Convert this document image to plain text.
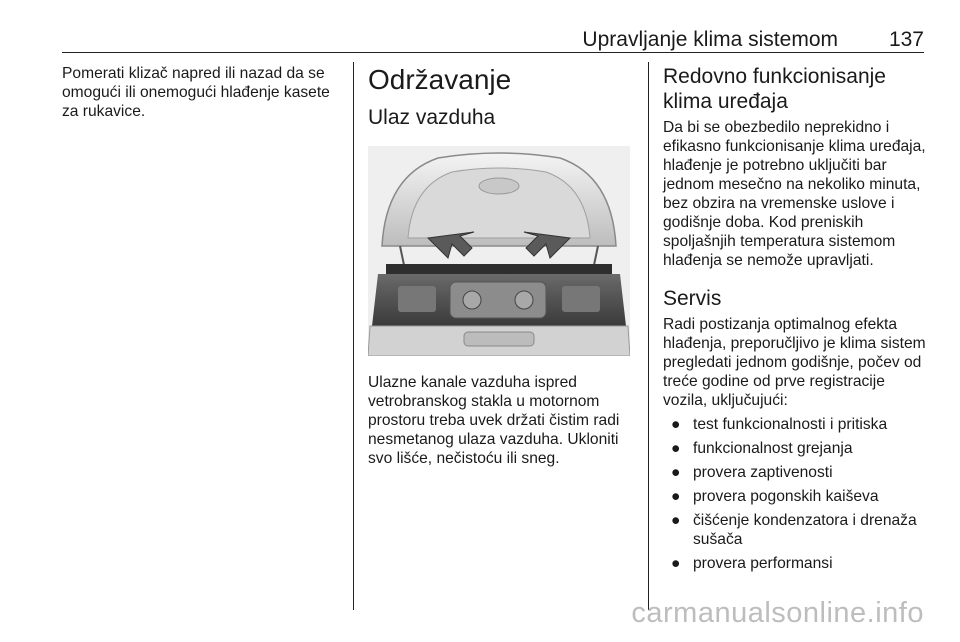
Upravljanje klima sistemom 137

Pomerati klizač napred ili nazad da se omogući ili onemogući hlađenje kasete za rukavice.

Održavanje
Ulaz vazduha

Ulazne kanale vazduha ispred vetrobranskog stakla u motornom prostoru treba uvek držati čistim radi nesmetanog ulaza vazduha. Ukloniti svo lišće, nečistoću ili sneg.

Redovno funkcionisanje
klima uređaja

Da bi se obezbedilo neprekidno i efikasno funkcionisanje klima uređaja, hlađenje je potrebno uključiti bar jednom mesečno na nekoliko minuta, bez obzira na vremenske uslove i godišnje doba. Kod preniskih spoljašnjih temperatura sistemom hlađenja se nemože upravljati.

Servis

Radi postizanja optimalnog efekta hlađenja, preporučljivo je klima sistem pregledati jednom godišnje, počev od treće godine od prve registracije vozila, uključujući:

● test funkcionalnosti i pritiska
● funkcionalnost grejanja
● provera zaptivenosti
● provera pogonskih kaiševa
● čišćenje kondenzatora i drenaža sušača
● provera performansi
carmanualsonline.info
